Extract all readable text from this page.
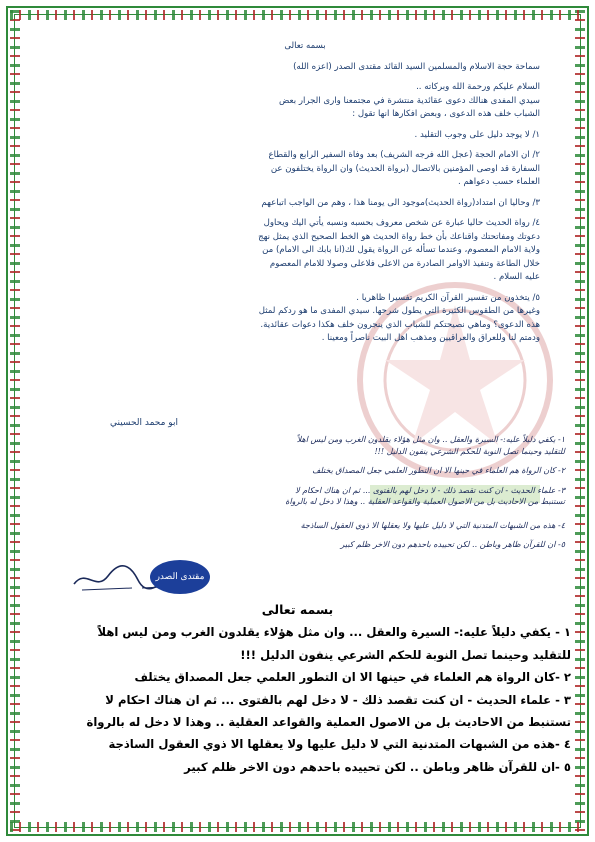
بسمه تعالى

سماحة حجة الاسلام والمسلمين السيد القائد مقتدى الصدر (اعزه الله)

السلام عليكم ورحمة الله وبركاته ..

سيدي المفدى هنالك دعوى عقائدية منتشرة في مجتمعنا وارى الجرار بعض

الشباب خلف هذه الدعوى ، وبعض افكارها انها تقول :

١/ لا يوجد دليل على وجوب التقليد .

٢/ ان الامام الحجة (عجل الله فرجه الشريف) بعد وفاة السفير الرابع والقطاع

السفارة قد اوصى المؤمنين بالاتصال (برواة الحديث) وان الرواة يختلفون عن

العلماء حسب دعواهم .

٣/ وحاليا ان امتداد(رواة الحديث)موجود الى يومنا هذا ، وهم من الواجب اتباعهم

٤/ رواة الحديث حاليا عبارة عن شخص معروف بحسبه ونسبه يأتي اليك ويحاول

دعوتك ومفاتحتك واقناعك بأن خط رواة الحديث هو الخط الصحيح الذي يمثل نهج

ولاية الامام المعصوم، وعندما تسأله عن الرواة يقول لك(انا بابك الى الامام) من

خلال الطاعة وتنفيذ الاوامر الصادرة من الاعلى فلاعلى وصولا للامام المعصوم

عليه السلام .

٥/ يتخذون من تفسير القرآن الكريم تفسيرا ظاهريا .

وغيرها من الطقوس الكثيرة التي يطول شرحها. سيدي المفدى ما هو ردكم لمثل

هذه الدعوى؟ وماهي نصيحتكم للشباب الذي ينجرون خلف هكذا دعوات عقائدية.

ودمتم لنا وللعراق والعراقيين ومذهب اهل البيت ناصراً ومعينا .

ابو محمد الحسيني

١- يكفي دليلاً عليه:- السيرة والعقل .. وان مثل هؤلاء يقلدون الغرب ومن ليس اهلاً

للتقليد وحينما تصل النوبة للحكم الشرعي ينفون الدليل !!!

٢- كان الرواة هم العلماء في حينها الا ان التطور العلمي جعل المصداق يختلف

٣- علماء الحديث - ان كنت تقصد ذلك - لا دخل لهم بالفتوى ... ثم ان هناك احكام لا

تستنبط من الاحاديث بل من الاصول العملية والقواعد العقلية .. وهذا لا دخل له بالرواة

٤- هذه من الشبهات المتدنية التي لا دليل عليها ولا يعقلها الا ذوي العقول الساذجة

٥- ان للقرآن ظاهر وباطن .. لكن تحييده باحدهم دون الاخر ظلم كبير

مقتدى الصدر

بسمه تعالى

١ - يكفي دليلاً عليه:- السيرة والعقل ... وان مثل هؤلاء يقلدون الغرب ومن ليس اهلاً

للتقليد وحينما تصل النوبة للحكم الشرعي ينفون الدليل !!!

٢ -كان الرواة هم العلماء في حينها الا ان التطور العلمي جعل المصداق يختلف

٣ - علماء الحديث - ان كنت تقصد ذلك - لا دخل لهم بالفتوى ... ثم ان هناك احكام لا

تستنبط من الاحاديث بل من الاصول العملية والقواعد العقلية .. وهذا لا دخل له بالرواة

٤ -هذه من الشبهات المتدنية التي لا دليل عليها ولا يعقلها الا ذوي العقول الساذجة

٥ -ان للقرآن ظاهر وباطن .. لكن تحييده باحدهم دون الاخر ظلم كبير
